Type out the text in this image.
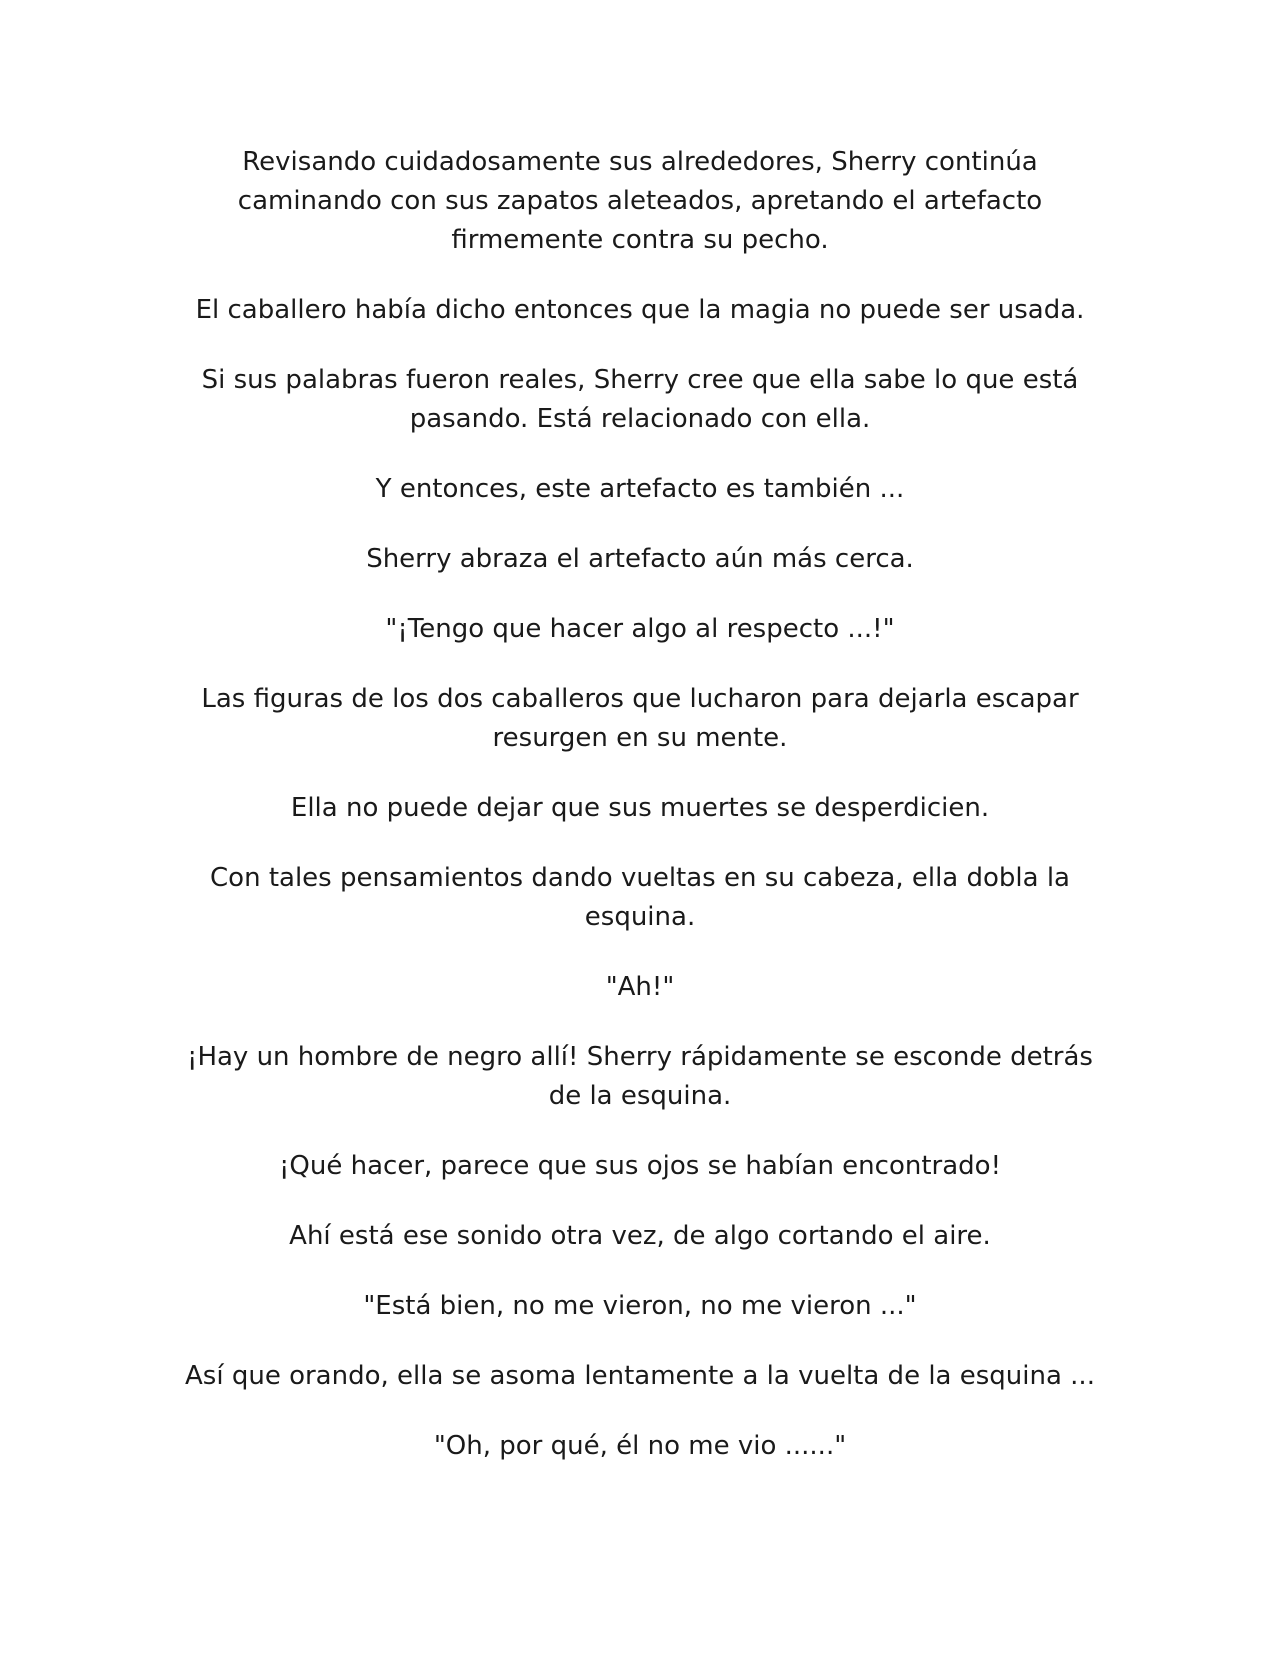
Revisando cuidadosamente sus alrededores, Sherry continúa caminando con sus zapatos aleteados, apretando el artefacto firmemente contra su pecho.

El caballero había dicho entonces que la magia no puede ser usada.

Si sus palabras fueron reales, Sherry cree que ella sabe lo que está pasando. Está relacionado con ella.

Y entonces, este artefacto es también ...

Sherry abraza el artefacto aún más cerca.

"¡Tengo que hacer algo al respecto ...!"

Las figuras de los dos caballeros que lucharon para dejarla escapar resurgen en su mente.

Ella no puede dejar que sus muertes se desperdicien.

Con tales pensamientos dando vueltas en su cabeza, ella dobla la esquina.

"Ah!"

¡Hay un hombre de negro allí! Sherry rápidamente se esconde detrás de la esquina.

¡Qué hacer, parece que sus ojos se habían encontrado!

Ahí está ese sonido otra vez, de algo cortando el aire.

"Está bien, no me vieron, no me vieron ..."

Así que orando, ella se asoma lentamente a la vuelta de la esquina ...

"Oh, por qué, él no me vio ......"
